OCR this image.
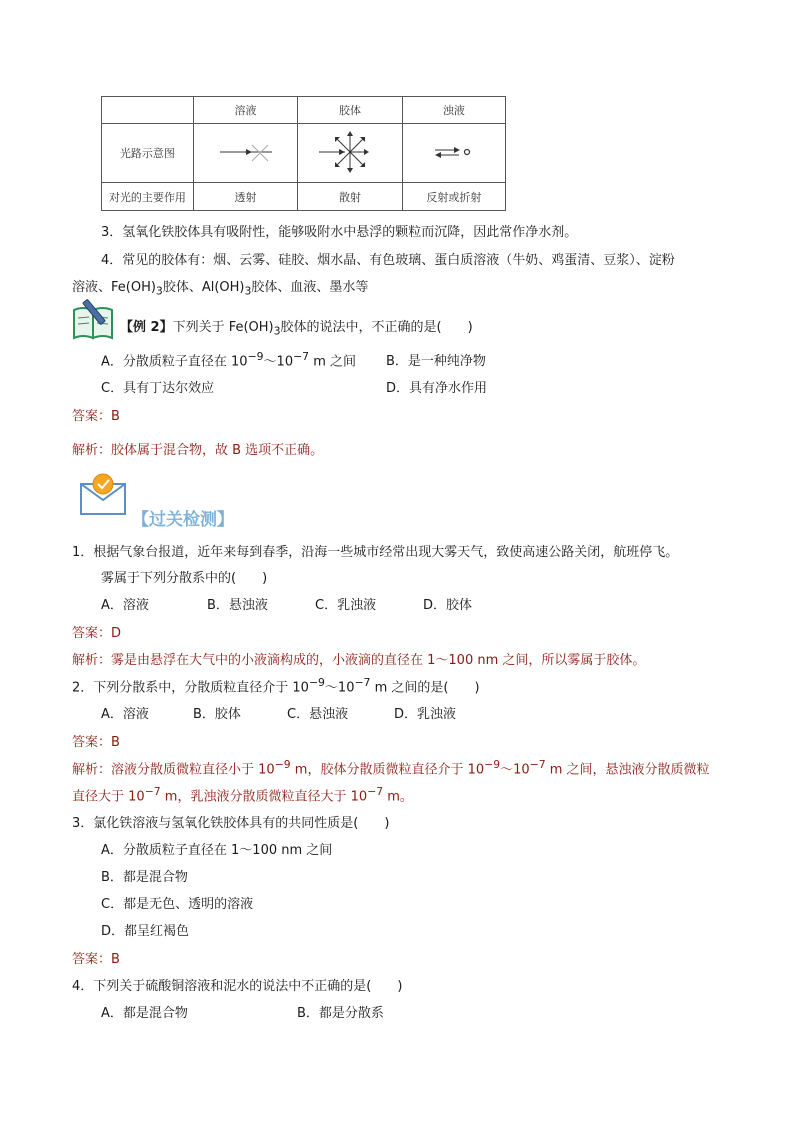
	溶液	胶体	浊液
光路示意图			
对光的主要作用	透射	散射	反射或折射
3．氢氧化铁胶体具有吸附性，能够吸附水中悬浮的颗粒而沉降，因此常作净水剂。
4．常见的胶体有：烟、云雾、硅胶、烟水晶、有色玻璃、蛋白质溶液（牛奶、鸡蛋清、豆浆）、淀粉
溶液、$Fe(OH)_3$胶体、$Al(OH)_3$胶体、血液、墨水等
【例 2】下列关于 $Fe(OH)_3$胶体的说法中，不正确的是(　　)
A．分散质粒子直径在 $10^{-9}\sim 10^{-7}$ m 之间 B．是一种纯净物
C．具有丁达尔效应	D．具有净水作用
答案：B
解析：胶体属于混合物，故 B 选项不正确。
【过关检测】
1．根据气象台报道，近年来每到春季，沿海一些城市经常出现大雾天气，致使高速公路关闭，航班停飞。
雾属于下列分散系中的(　　)
A．溶液	B．悬浊液	C．乳浊液	D．胶体
答案：D
解析：雾是由悬浮在大气中的小液滴构成的，小液滴的直径在 1～100 nm 之间，所以雾属于胶体。
2．下列分散系中，分散质粒直径介于 $10^{-9}\sim 10^{-7}$ m 之间的是(　　)
A．溶液	B．胶体	C．悬浊液	D．乳浊液
答案：B
解析：溶液分散质微粒直径小于 $10^{-9}$ m，胶体分散质微粒直径介于 $10^{-9}\sim 10^{-7}$ m 之间，悬浊液分散质微粒
直径大于 $10^{-7}$ m，乳浊液分散质微粒直径大于 $10^{-7}$ m。
3．氯化铁溶液与氢氧化铁胶体具有的共同性质是(　　)
A．分散质粒子直径在 1～100 nm 之间
B．都是混合物
C．都是无色、透明的溶液
D．都呈红褐色
答案：B
4．下列关于硫酸铜溶液和泥水的说法中不正确的是(　　)
A．都是混合物	B．都是分散系
